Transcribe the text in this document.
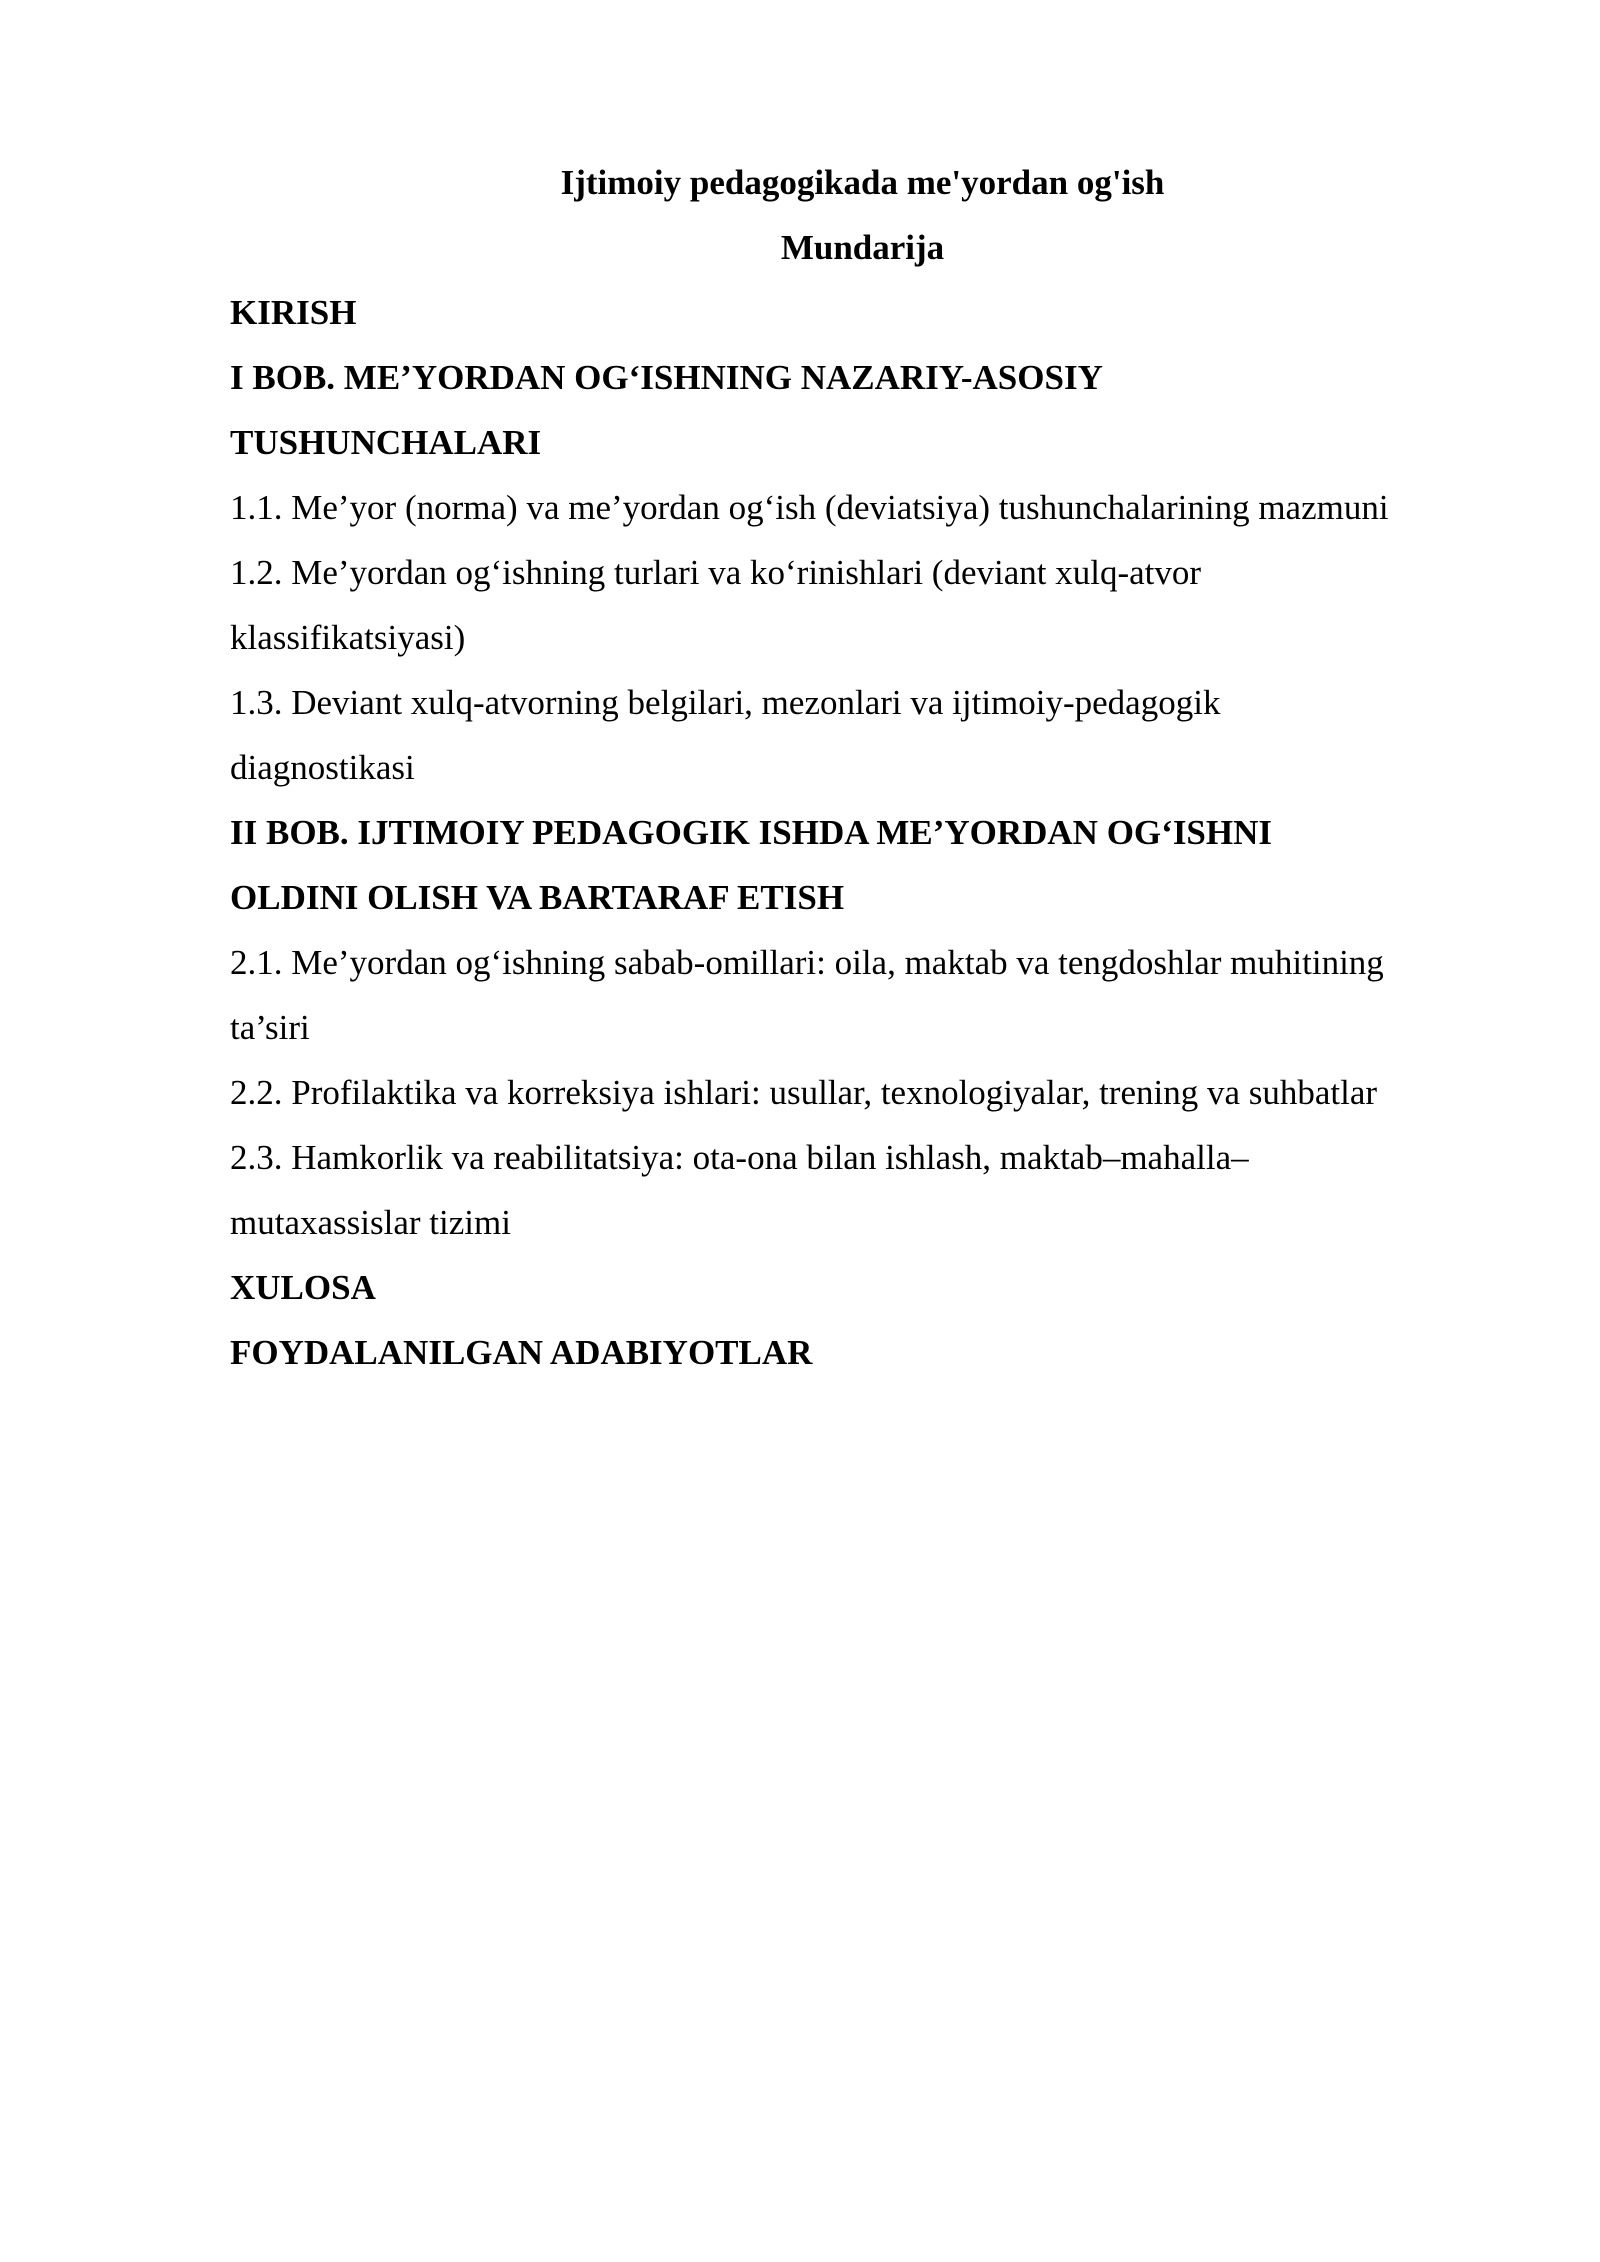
Ijtimoiy pedagogikada me'yordan og'ish
Mundarija
KIRISH
I BOB. ME’YORDAN OG‘ISHNING NAZARIY-ASOSIY
TUSHUNCHALARI
1.1. Me’yor (norma) va me’yordan og‘ish (deviatsiya) tushunchalarining mazmuni
1.2. Me’yordan og‘ishning turlari va ko‘rinishlari (deviant xulq-atvor
klassifikatsiyasi)
1.3. Deviant xulq-atvorning belgilari, mezonlari va ijtimoiy-pedagogik
diagnostikasi
II BOB. IJTIMOIY PEDAGOGIK ISHDA ME’YORDAN OG‘ISHNI
OLDINI OLISH VA BARTARAF ETISH
2.1. Me’yordan og‘ishning sabab-omillari: oila, maktab va tengdoshlar muhitining
ta’siri
2.2. Profilaktika va korreksiya ishlari: usullar, texnologiyalar, trening va suhbatlar
2.3. Hamkorlik va reabilitatsiya: ota-ona bilan ishlash, maktab–mahalla–
mutaxassislar tizimi
XULOSA
FOYDALANILGAN ADABIYOTLAR
